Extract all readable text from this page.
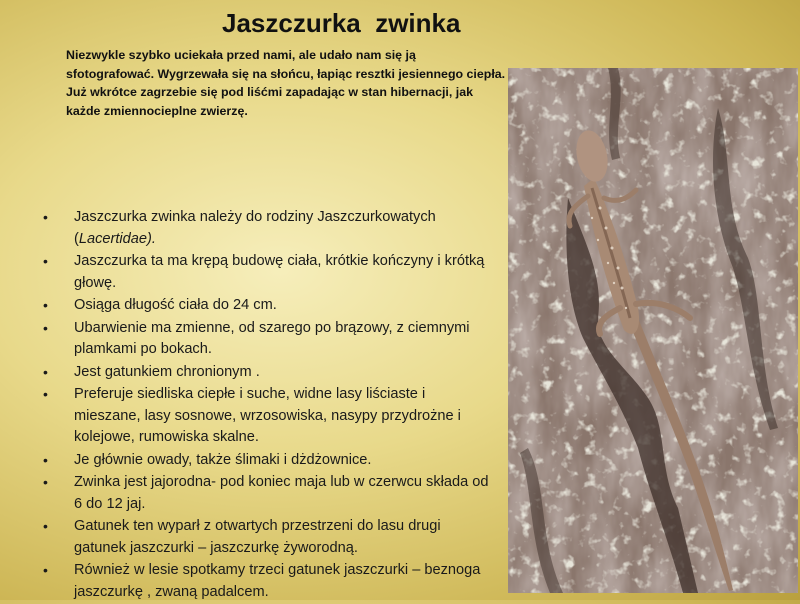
Jaszczurka  zwinka

Niezwykle szybko uciekała przed nami, ale udało nam się ją sfotografować. Wygrzewała się na słońcu, łapiąc resztki jesiennego ciepła. Już wkrótce zagrzebie się pod liśćmi zapadając w stan hibernacji, jak każde zmiennocieplne zwierzę.

• Jaszczurka zwinka należy do rodziny Jaszczurkowatych (Lacertidae).
• Jaszczurka ta ma krępą budowę ciała, krótkie kończyny i krótką głowę.
• Osiąga długość ciała do 24 cm.
• Ubarwienie ma zmienne, od szarego po brązowy, z ciemnymi plamkami po bokach.
• Jest gatunkiem chronionym .
• Preferuje siedliska ciepłe i suche, widne lasy liściaste i mieszane, lasy sosnowe, wrzosowiska, nasypy przydrożne i kolejowe, rumowiska skalne.
• Je głównie owady, także ślimaki i dżdżownice.
• Zwinka jest jajorodna- pod koniec maja lub w czerwcu składa od 6 do 12 jaj.
• Gatunek ten wyparł z otwartych przestrzeni do lasu drugi gatunek jaszczurki – jaszczurkę żyworodną.
• Również w lesie spotkamy trzeci gatunek jaszczurki – beznoga jaszczurkę , zwaną padalcem.
